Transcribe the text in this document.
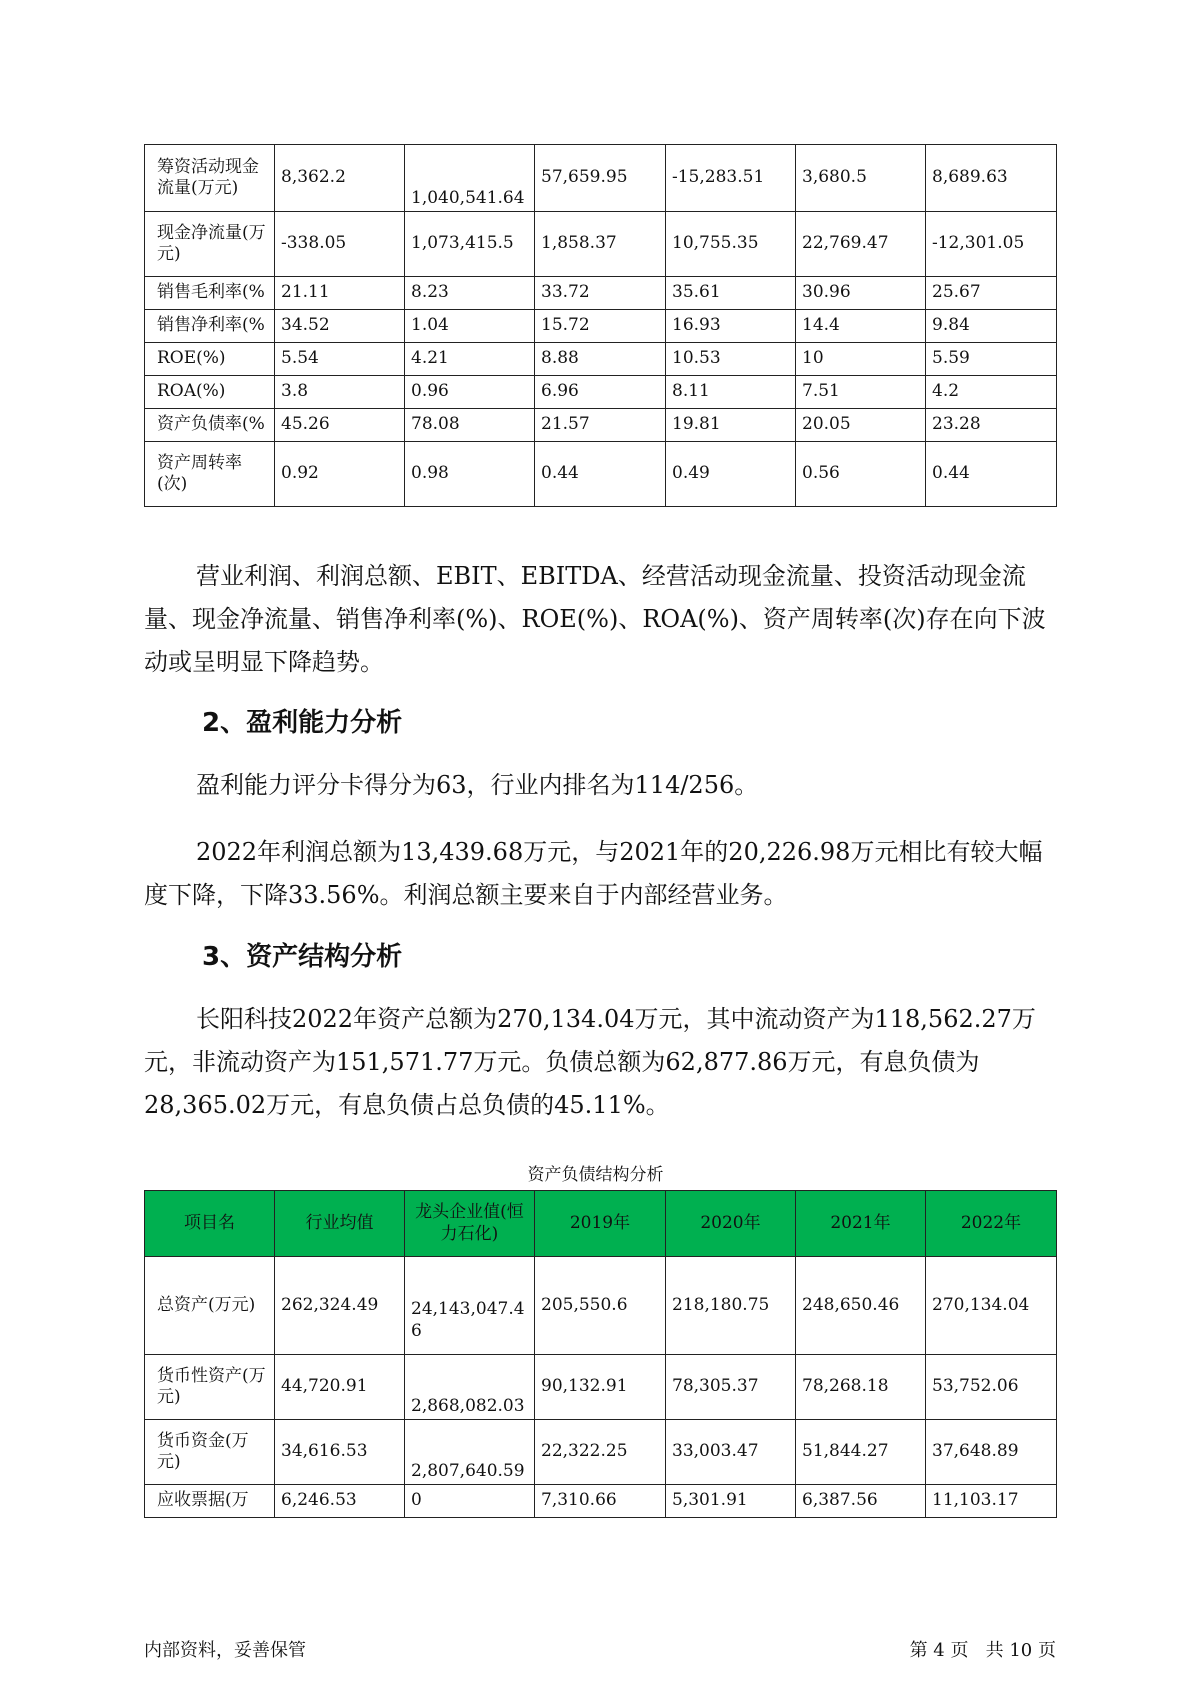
筹资活动现金流量(万元)	8,362.2	1,040,541.64	57,659.95	-15,283.51	3,680.5	8,689.63
现金净流量(万元)	-338.05	1,073,415.5	1,858.37	10,755.35	22,769.47	-12,301.05
销售毛利率(%	21.11	8.23	33.72	35.61	30.96	25.67
销售净利率(%	34.52	1.04	15.72	16.93	14.4	9.84
ROE(%)	5.54	4.21	8.88	10.53	10	5.59
ROA(%)	3.8	0.96	6.96	8.11	7.51	4.2
资产负债率(%	45.26	78.08	21.57	19.81	20.05	23.28
资产周转率(次)	0.92	0.98	0.44	0.49	0.56	0.44
营业利润、利润总额、EBIT、EBITDA、经营活动现金流量、投资活动现金流量、现金净流量、销售净利率(%)、ROE(%)、ROA(%)、资产周转率(次)存在向下波动或呈明显下降趋势。
2、盈利能力分析
盈利能力评分卡得分为63，行业内排名为114/256。
2022年利润总额为13,439.68万元，与2021年的20,226.98万元相比有较大幅度下降，下降33.56%。利润总额主要来自于内部经营业务。
3、资产结构分析
长阳科技2022年资产总额为270,134.04万元，其中流动资产为118,562.27万元，非流动资产为151,571.77万元。负债总额为62,877.86万元，有息负债为28,365.02万元，有息负债占总负债的45.11%。
资产负债结构分析
项目名	行业均值	龙头企业值(恒力石化)	2019年	2020年	2021年	2022年
总资产(万元)	262,324.49	24,143,047.46	205,550.6	218,180.75	248,650.46	270,134.04
货币性资产(万元)	44,720.91	2,868,082.03	90,132.91	78,305.37	78,268.18	53,752.06
货币资金(万元)	34,616.53	2,807,640.59	22,322.25	33,003.47	51,844.27	37,648.89
应收票据(万	6,246.53	0	7,310.66	5,301.91	6,387.56	11,103.17
内部资料，妥善保管	第 4 页   共 10 页
